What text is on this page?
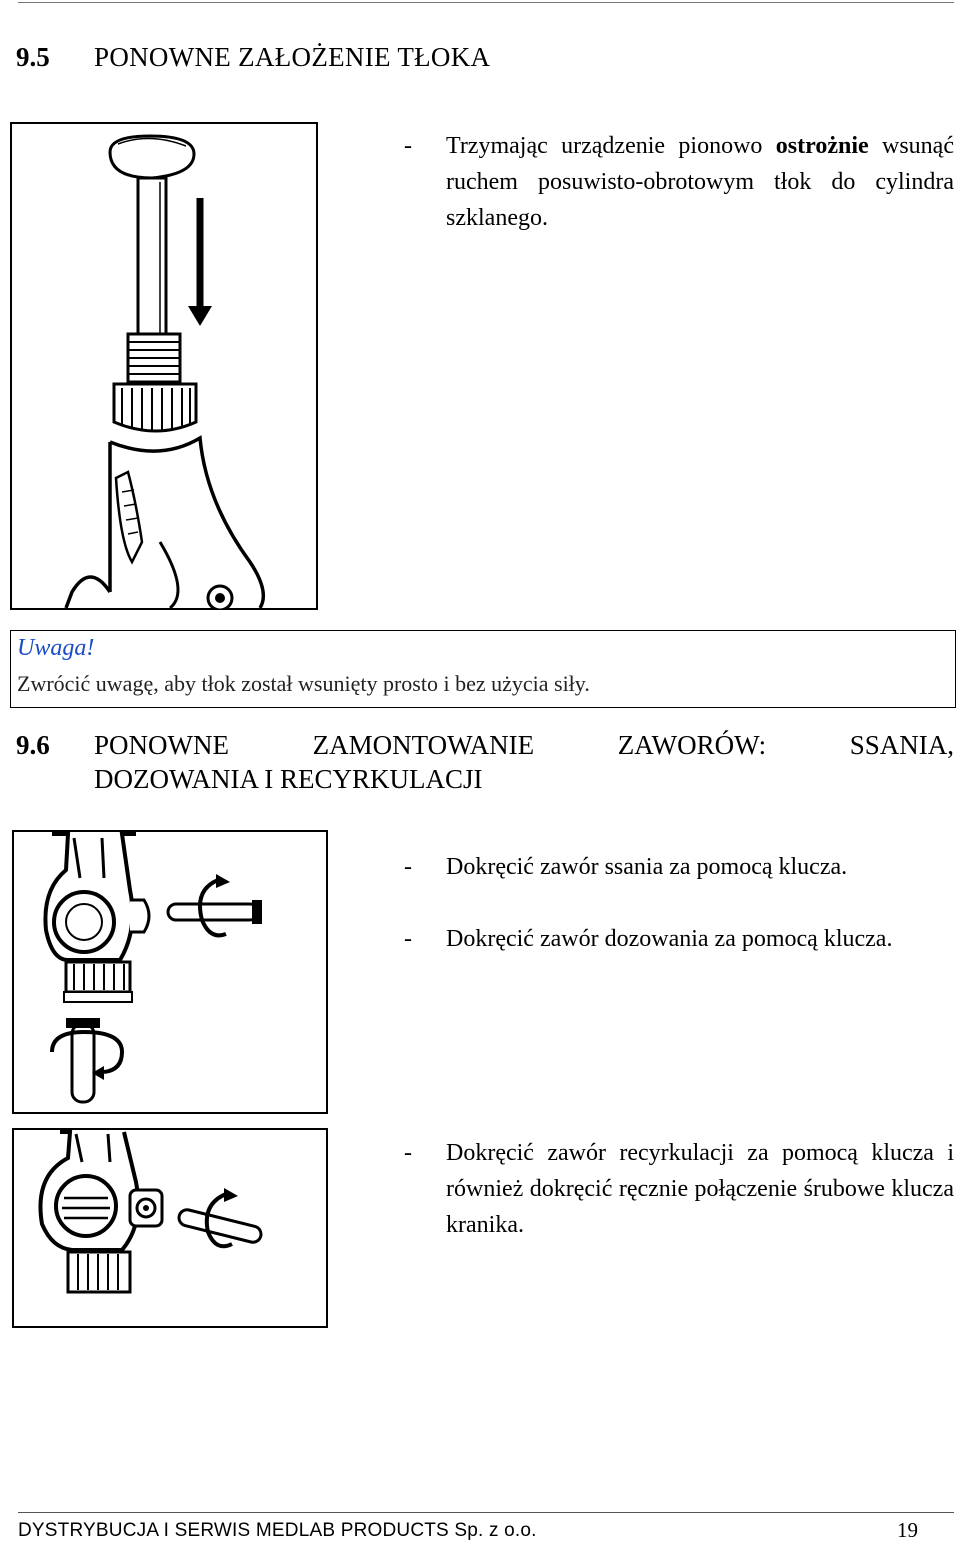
9.5 PONOWNE ZAŁOŻENIE TŁOKA
- Trzymając urządzenie pionowo ostrożnie wsunąć ruchem posuwisto-obrotowym tłok do cylindra szklanego.
Uwaga!
Zwrócić uwagę, aby tłok został wsunięty prosto i bez użycia siły.
9.6 PONOWNE ZAMONTOWANIE ZAWORÓW: SSANIA,
DOZOWANIA I RECYRKULACJI
- Dokręcić zawór ssania za pomocą klucza.
- Dokręcić zawór dozowania za pomocą klucza.
- Dokręcić zawór recyrkulacji za pomocą klucza i również dokręcić ręcznie połączenie śrubowe klucza kranika.
DYSTRYBUCJA I SERWIS MEDLAB PRODUCTS Sp. z o.o.	19
